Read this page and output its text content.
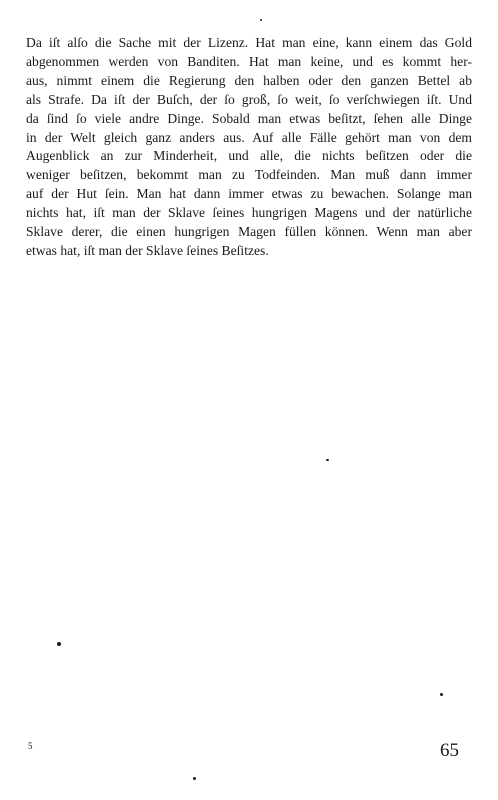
Da iſt alſo die Sache mit der Lizenz. Hat man eine, kann einem das Gold
abgenommen werden von Banditen. Hat man keine, und es kommt her-
aus, nimmt einem die Regierung den halben oder den ganzen Bettel ab
als Strafe. Da iſt der Buſch, der ſo groß, ſo weit, ſo verſchwiegen iſt. Und
da ſind ſo viele andre Dinge. Sobald man etwas beſitzt, ſehen alle Dinge
in der Welt gleich ganz anders aus. Auf alle Fälle gehört man von dem
Augenblick an zur Minderheit, und alle, die nichts beſitzen oder die
weniger beſitzen, bekommt man zu Todfeinden. Man muß dann immer
auf der Hut ſein. Man hat dann immer etwas zu bewachen. Solange man
nichts hat, iſt man der Sklave ſeines hungrigen Magens und der natürliche
Sklave derer, die einen hungrigen Magen füllen können. Wenn man aber
etwas hat, iſt man der Sklave ſeines Beſitzes.
5	65
